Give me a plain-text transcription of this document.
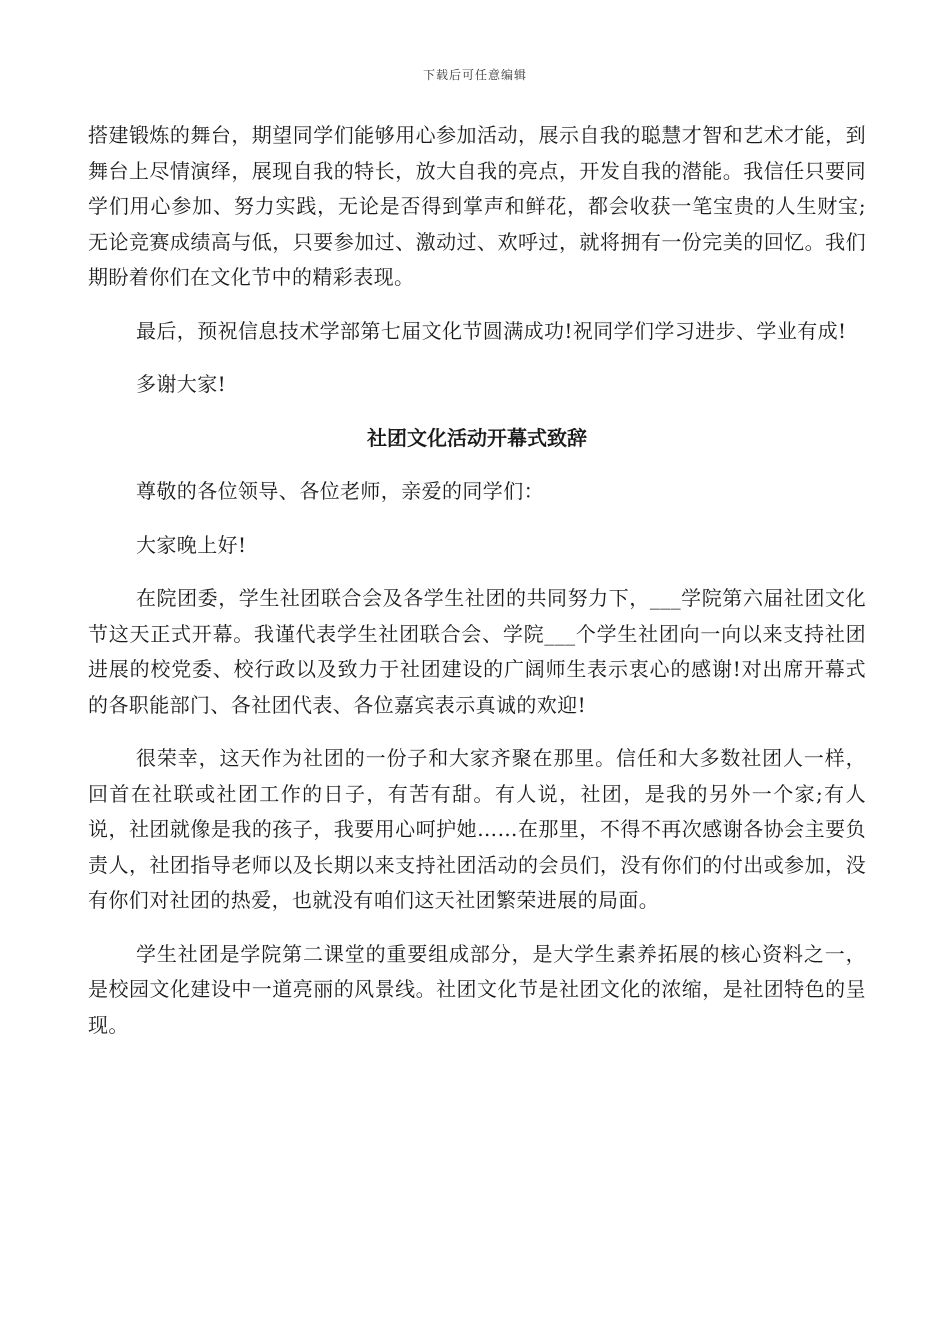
下载后可任意编辑

搭建锻炼的舞台，期望同学们能够用心参加活动，展示自我的聪慧才智和艺术才能，到舞台上尽情演绎，展现自我的特长，放大自我的亮点，开发自我的潜能。我信任只要同学们用心参加、努力实践，无论是否得到掌声和鲜花，都会收获一笔宝贵的人生财宝;无论竞赛成绩高与低，只要参加过、激动过、欢呼过，就将拥有一份完美的回忆。我们期盼着你们在文化节中的精彩表现。

最后，预祝信息技术学部第七届文化节圆满成功!祝同学们学习进步、学业有成!

多谢大家!

社团文化活动开幕式致辞

尊敬的各位领导、各位老师，亲爱的同学们：

大家晚上好!

在院团委，学生社团联合会及各学生社团的共同努力下，___学院第六届社团文化节这天正式开幕。我谨代表学生社团联合会、学院___个学生社团向一向以来支持社团进展的校党委、校行政以及致力于社团建设的广阔师生表示衷心的感谢!对出席开幕式的各职能部门、各社团代表、各位嘉宾表示真诚的欢迎!

很荣幸，这天作为社团的一份子和大家齐聚在那里。信任和大多数社团人一样，回首在社联或社团工作的日子，有苦有甜。有人说，社团，是我的另外一个家;有人说，社团就像是我的孩子，我要用心呵护她……在那里，不得不再次感谢各协会主要负责人，社团指导老师以及长期以来支持社团活动的会员们，没有你们的付出或参加，没有你们对社团的热爱，也就没有咱们这天社团繁荣进展的局面。

学生社团是学院第二课堂的重要组成部分，是大学生素养拓展的核心资料之一，是校园文化建设中一道亮丽的风景线。社团文化节是社团文化的浓缩，是社团特色的呈现。
